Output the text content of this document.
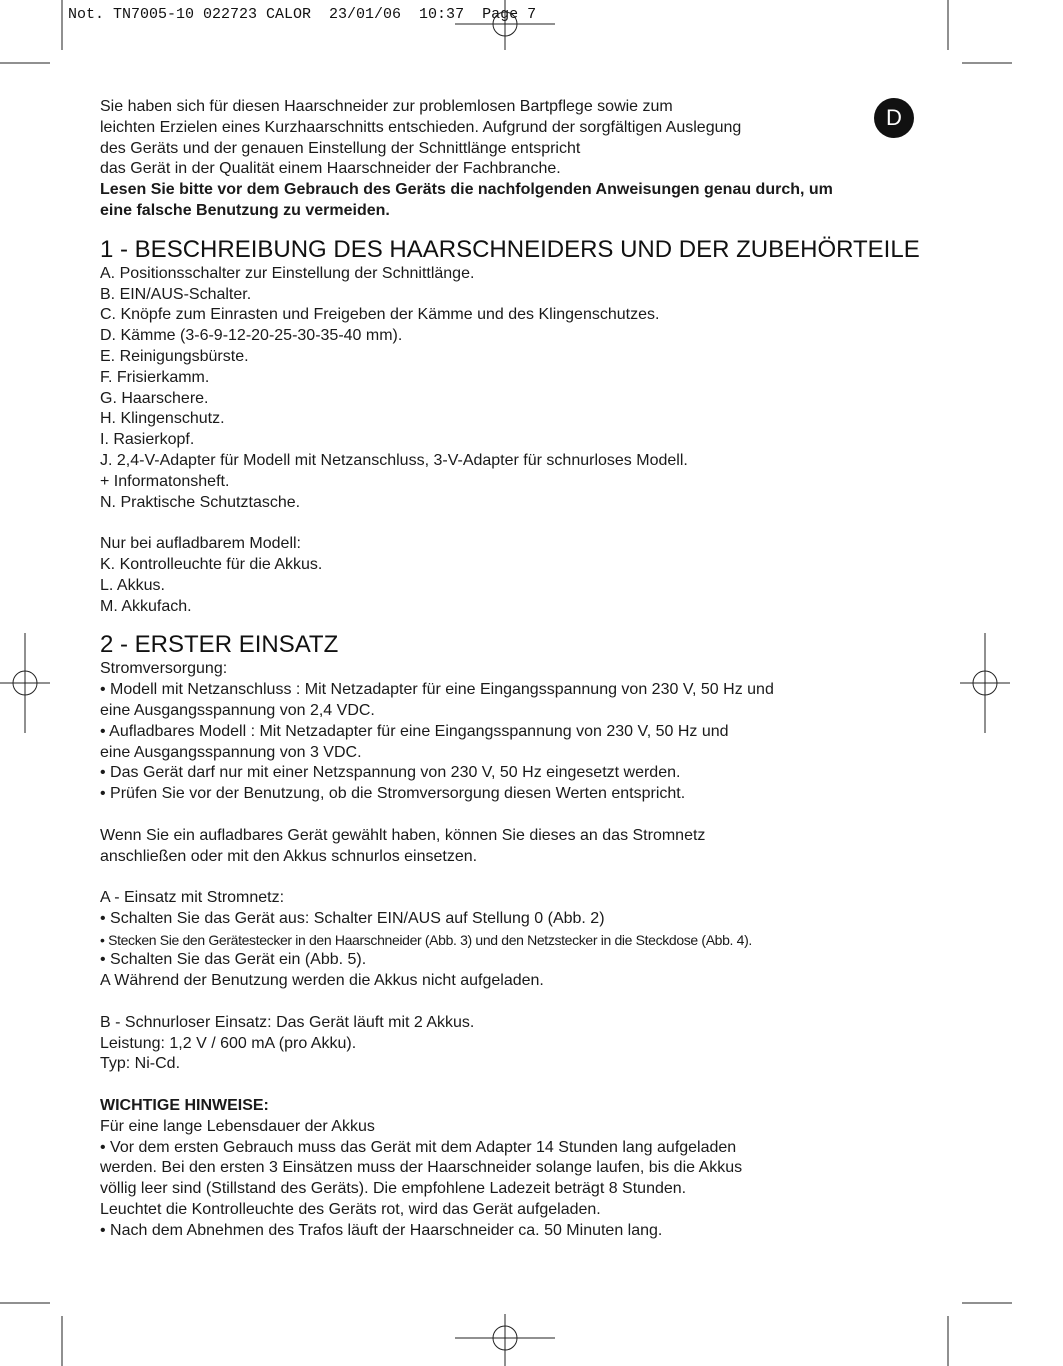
Not. TN7005-10 022723 CALOR  23/01/06  10:37  Page 7
D

Sie haben sich für diesen Haarschneider zur problemlosen Bartpflege sowie zum

leichten Erzielen eines Kurzhaarschnitts entschieden. Aufgrund der sorgfältigen Auslegung

des Geräts und der genauen Einstellung der Schnittlänge entspricht

das Gerät in der Qualität einem Haarschneider der Fachbranche.

Lesen Sie bitte vor dem Gebrauch des Geräts die nachfolgenden Anweisungen genau durch, um

eine falsche Benutzung zu vermeiden.

1 - BESCHREIBUNG DES HAARSCHNEIDERS UND DER ZUBEHÖRTEILE
A. Positionsschalter zur Einstellung der Schnittlänge.
B. EIN/AUS-Schalter.
C. Knöpfe zum Einrasten und Freigeben der Kämme und des Klingenschutzes.
D. Kämme (3-6-9-12-20-25-30-35-40 mm).
E. Reinigungsbürste.
F. Frisierkamm.
G. Haarschere.
H. Klingenschutz.
I. Rasierkopf.
J. 2,4-V-Adapter für Modell mit Netzanschluss, 3-V-Adapter für schnurloses Modell.
+ Informatonsheft.
N. Praktische Schutztasche.

Nur bei aufladbarem Modell:

K. Kontrolleuchte für die Akkus.
L. Akkus.
M. Akkufach.
2 - ERSTER EINSATZ

Stromversorgung:

• Modell mit Netzanschluss : Mit Netzadapter für eine Eingangsspannung von 230 V, 50 Hz und

eine Ausgangsspannung von 2,4 VDC.

• Aufladbares Modell : Mit Netzadapter für eine Eingangsspannung von 230 V, 50 Hz und

eine Ausgangsspannung von 3 VDC.

• Das Gerät darf nur mit einer Netzspannung von 230 V, 50 Hz eingesetzt werden.

• Prüfen Sie vor der Benutzung, ob die Stromversorgung diesen Werten entspricht.

Wenn Sie ein aufladbares Gerät gewählt haben, können Sie dieses an das Stromnetz

anschließen oder mit den Akkus schnurlos einsetzen.

A - Einsatz mit Stromnetz:

• Schalten Sie das Gerät aus: Schalter EIN/AUS auf Stellung 0 (Abb. 2)

• Stecken Sie den Gerätestecker in den Haarschneider (Abb. 3) und den Netzstecker in die Steckdose (Abb. 4).

• Schalten Sie das Gerät ein (Abb. 5).

A Während der Benutzung werden die Akkus nicht aufgeladen.

B - Schnurloser Einsatz: Das Gerät läuft mit 2 Akkus.

Leistung: 1,2 V / 600 mA (pro Akku).

Typ: Ni-Cd.

WICHTIGE HINWEISE:

Für eine lange Lebensdauer der Akkus

• Vor dem ersten Gebrauch muss das Gerät mit dem Adapter 14 Stunden lang aufgeladen

werden. Bei den ersten 3 Einsätzen muss der Haarschneider solange laufen, bis die Akkus

völlig leer sind (Stillstand des Geräts). Die empfohlene Ladezeit beträgt 8 Stunden.

Leuchtet die Kontrolleuchte des Geräts rot, wird das Gerät aufgeladen.

• Nach dem Abnehmen des Trafos läuft der Haarschneider ca. 50 Minuten lang.
